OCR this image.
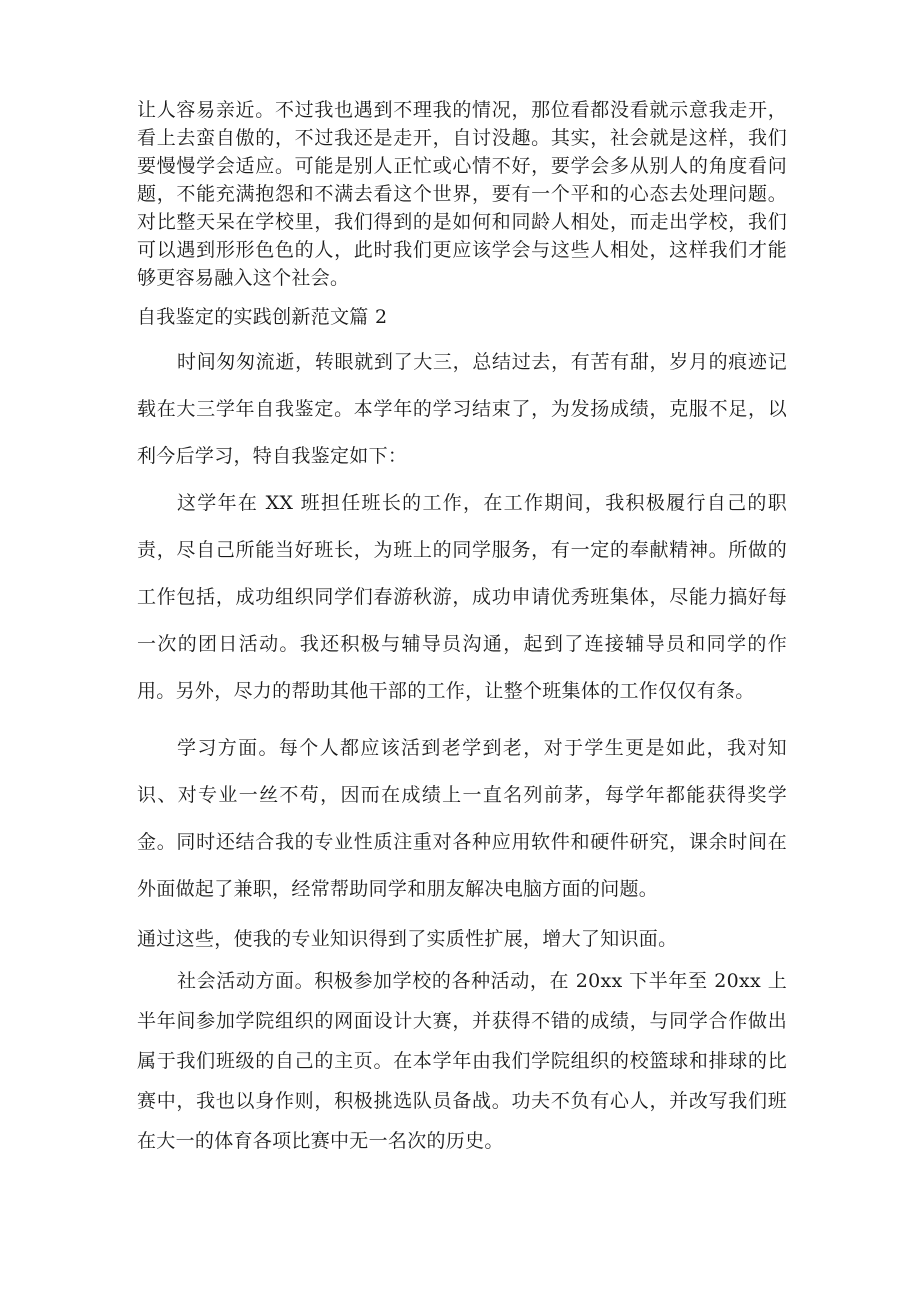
让人容易亲近。不过我也遇到不理我的情况，那位看都没看就示意我走开，看上去蛮自傲的，不过我还是走开，自讨没趣。其实，社会就是这样，我们要慢慢学会适应。可能是别人正忙或心情不好，要学会多从别人的角度看问题，不能充满抱怨和不满去看这个世界，要有一个平和的心态去处理问题。对比整天呆在学校里，我们得到的是如何和同龄人相处，而走出学校，我们可以遇到形形色色的人，此时我们更应该学会与这些人相处，这样我们才能够更容易融入这个社会。

自我鉴定的实践创新范文篇 2

时间匆匆流逝，转眼就到了大三，总结过去，有苦有甜，岁月的痕迹记载在大三学年自我鉴定。本学年的学习结束了，为发扬成绩，克服不足，以利今后学习，特自我鉴定如下：

这学年在 XX 班担任班长的工作，在工作期间，我积极履行自己的职责，尽自己所能当好班长，为班上的同学服务，有一定的奉献精神。所做的工作包括，成功组织同学们春游秋游，成功申请优秀班集体，尽能力搞好每一次的团日活动。我还积极与辅导员沟通，起到了连接辅导员和同学的作用。另外，尽力的帮助其他干部的工作，让整个班集体的工作仅仅有条。

学习方面。每个人都应该活到老学到老，对于学生更是如此，我对知识、对专业一丝不苟，因而在成绩上一直名列前茅，每学年都能获得奖学金。同时还结合我的专业性质注重对各种应用软件和硬件研究，课余时间在外面做起了兼职，经常帮助同学和朋友解决电脑方面的问题。

通过这些，使我的专业知识得到了实质性扩展，增大了知识面。

社会活动方面。积极参加学校的各种活动，在 20xx 下半年至 20xx 上半年间参加学院组织的网面设计大赛，并获得不错的成绩，与同学合作做出属于我们班级的自己的主页。在本学年由我们学院组织的校篮球和排球的比赛中，我也以身作则，积极挑选队员备战。功夫不负有心人，并改写我们班在大一的体育各项比赛中无一名次的历史。
